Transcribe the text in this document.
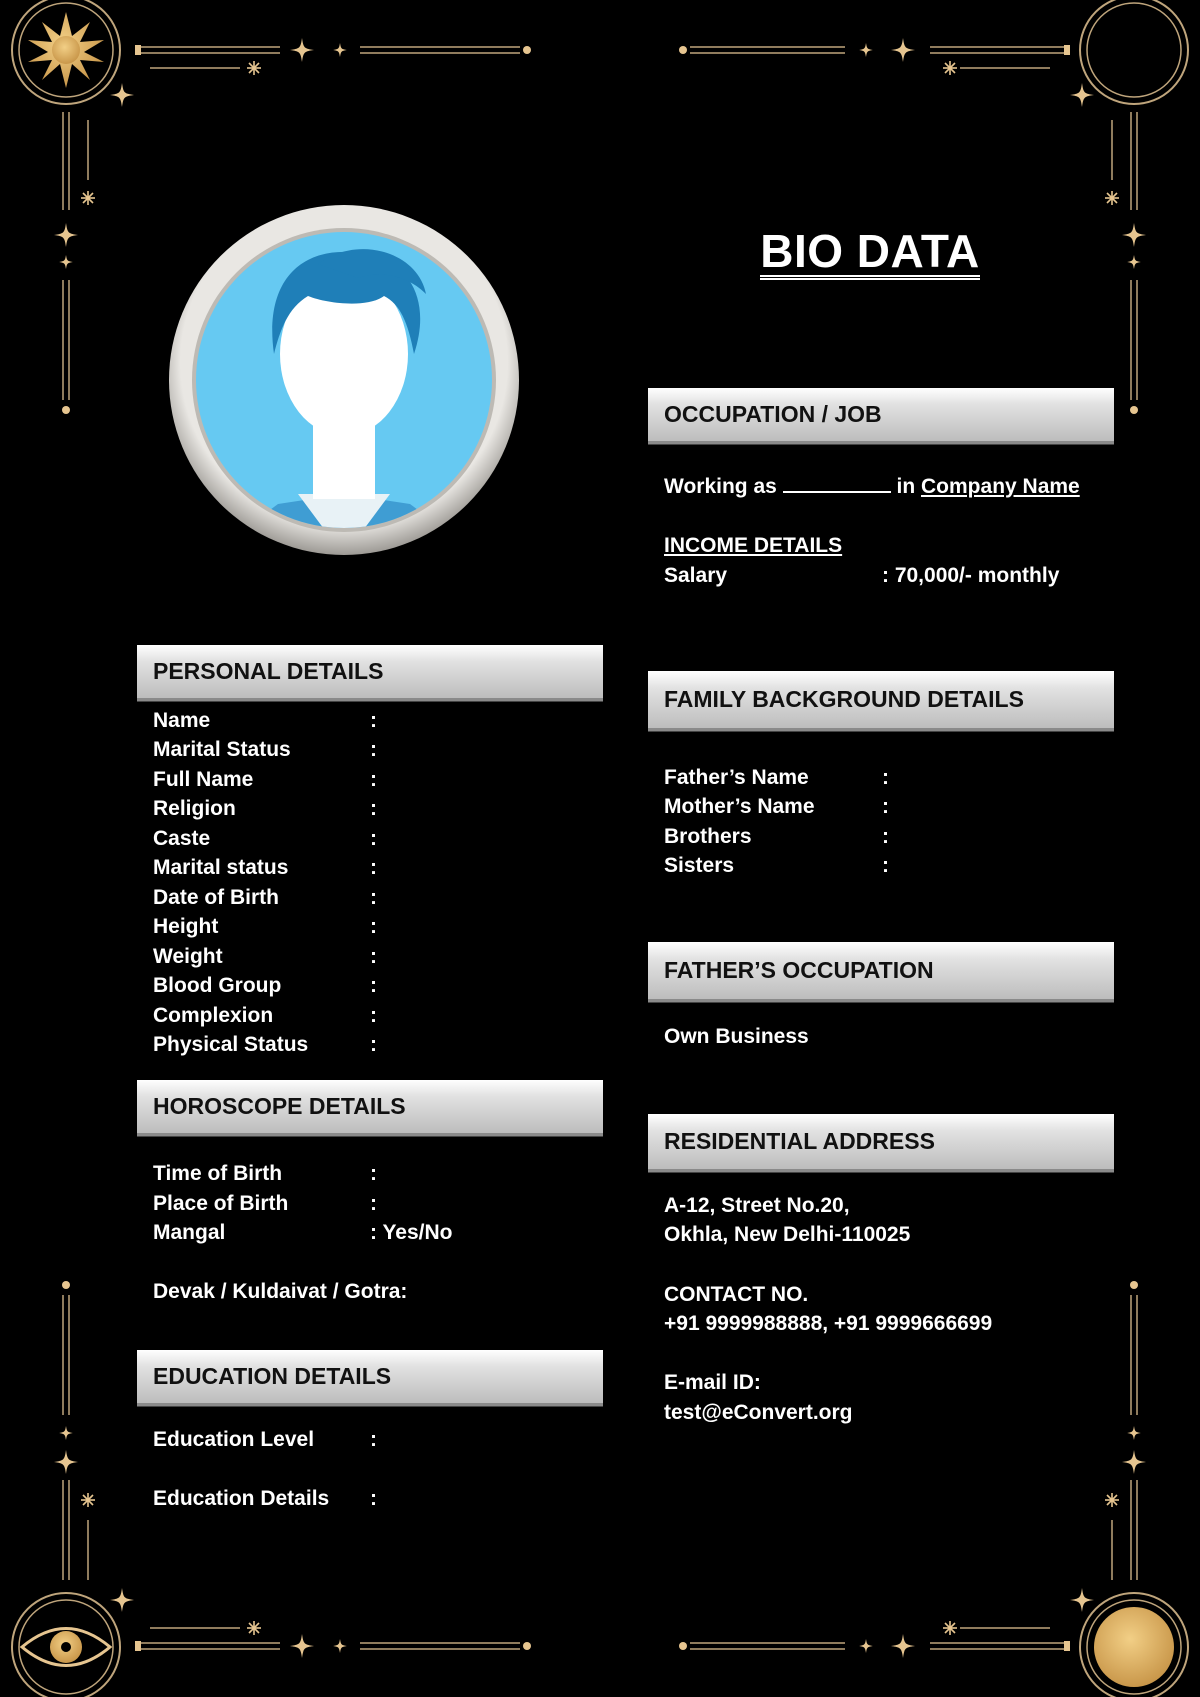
BIO DATA
OCCUPATION / JOB
Working as	in Company Name
INCOME DETAILS
Salary	: 70,000/- monthly
FAMILY BACKGROUND DETAILS
Father’s Name	:
Mother’s Name	:
Brothers	:
Sisters	:
FATHER’S OCCUPATION
Own Business
RESIDENTIAL ADDRESS
A-12, Street No.20,
Okhla, New Delhi-110025
CONTACT NO.
+91 9999988888, +91 9999666699
E-mail ID:
test@eConvert.org
PERSONAL DETAILS
Name	:
Marital Status	:
Full Name	:
Religion	:
Caste	:
Marital status	:
Date of Birth	:
Height	:
Weight	:
Blood Group	:
Complexion	:
Physical Status	:
HOROSCOPE DETAILS
Time of Birth	:
Place of Birth	:
Mangal	: Yes/No
Devak / Kuldaivat / Gotra:
EDUCATION DETAILS
Education Level	:
Education Details :
